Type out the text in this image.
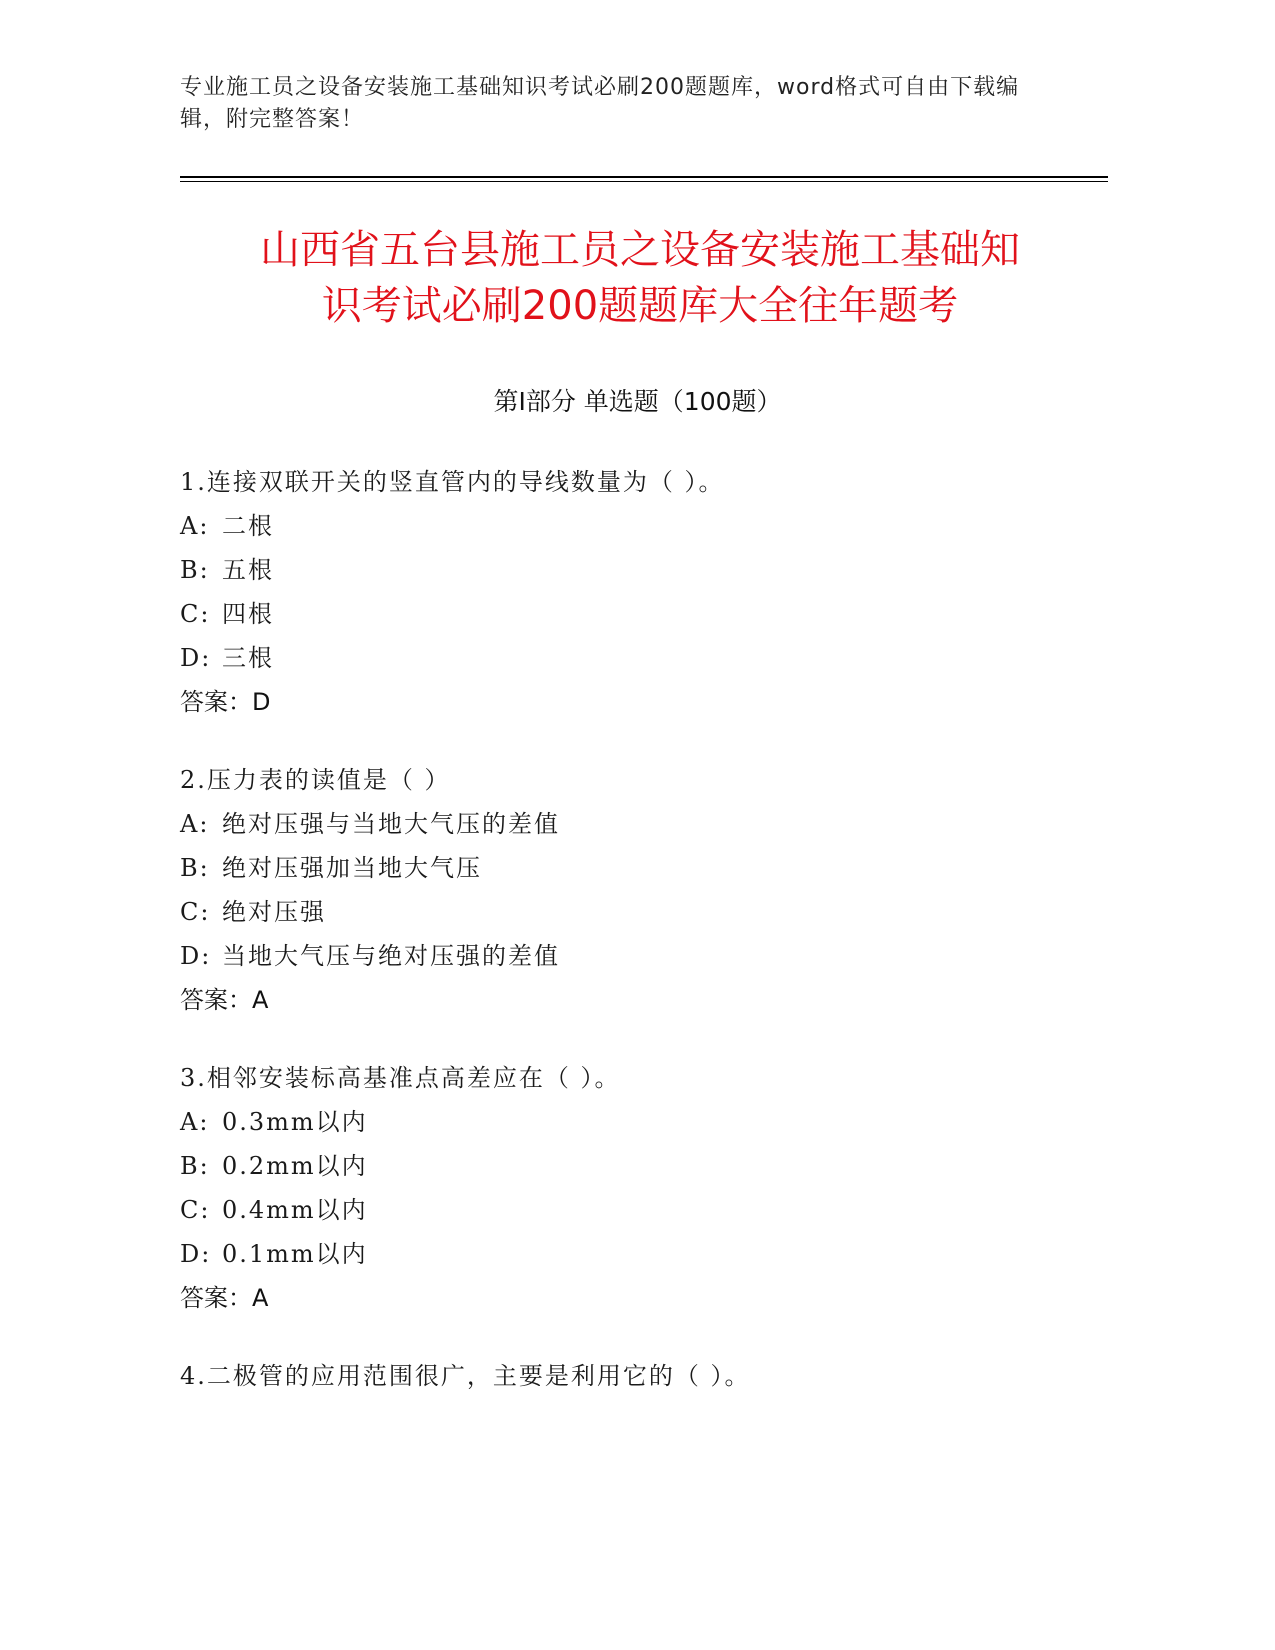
专业施工员之设备安装施工基础知识考试必刷200题题库，word格式可自由下载编辑，附完整答案！
山西省五台县施工员之设备安装施工基础知
识考试必刷200题题库大全往年题考
第I部分 单选题（100题）
1.连接双联开关的竖直管内的导线数量为（ ）。
A: 二根
B: 五根
C: 四根
D: 三根
答案：D
2.压力表的读值是（ ）
A: 绝对压强与当地大气压的差值
B: 绝对压强加当地大气压
C: 绝对压强
D: 当地大气压与绝对压强的差值
答案：A
3.相邻安装标高基准点高差应在（ ）。
A: 0.3mm以内
B: 0.2mm以内
C: 0.4mm以内
D: 0.1mm以内
答案：A
4.二极管的应用范围很广，主要是利用它的（ ）。
